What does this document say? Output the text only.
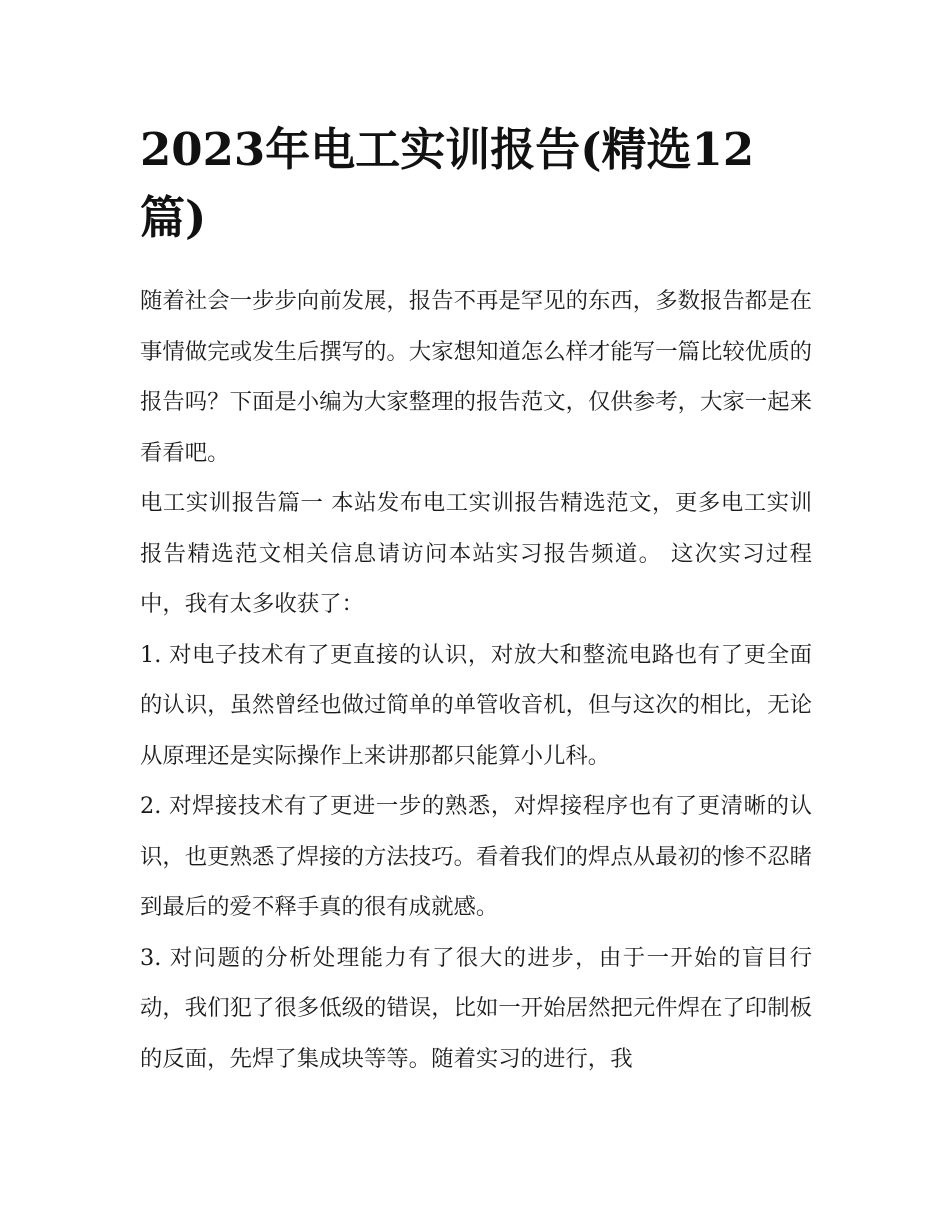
2023年电工实训报告(精选12篇)

随着社会一步步向前发展，报告不再是罕见的东西，多数报告都是在事情做完或发生后撰写的。大家想知道怎么样才能写一篇比较优质的报告吗？下面是小编为大家整理的报告范文，仅供参考，大家一起来看看吧。

电工实训报告篇一 本站发布电工实训报告精选范文，更多电工实训报告精选范文相关信息请访问本站实习报告频道。 这次实习过程中，我有太多收获了：

1. 对电子技术有了更直接的认识，对放大和整流电路也有了更全面的认识，虽然曾经也做过简单的单管收音机，但与这次的相比，无论从原理还是实际操作上来讲那都只能算小儿科。

2. 对焊接技术有了更进一步的熟悉，对焊接程序也有了更清晰的认识，也更熟悉了焊接的方法技巧。看着我们的焊点从最初的惨不忍睹到最后的爱不释手真的很有成就感。

3. 对问题的分析处理能力有了很大的进步，由于一开始的盲目行动，我们犯了很多低级的错误，比如一开始居然把元件焊在了印制板的反面，先焊了集成块等等。随着实习的进行，我
